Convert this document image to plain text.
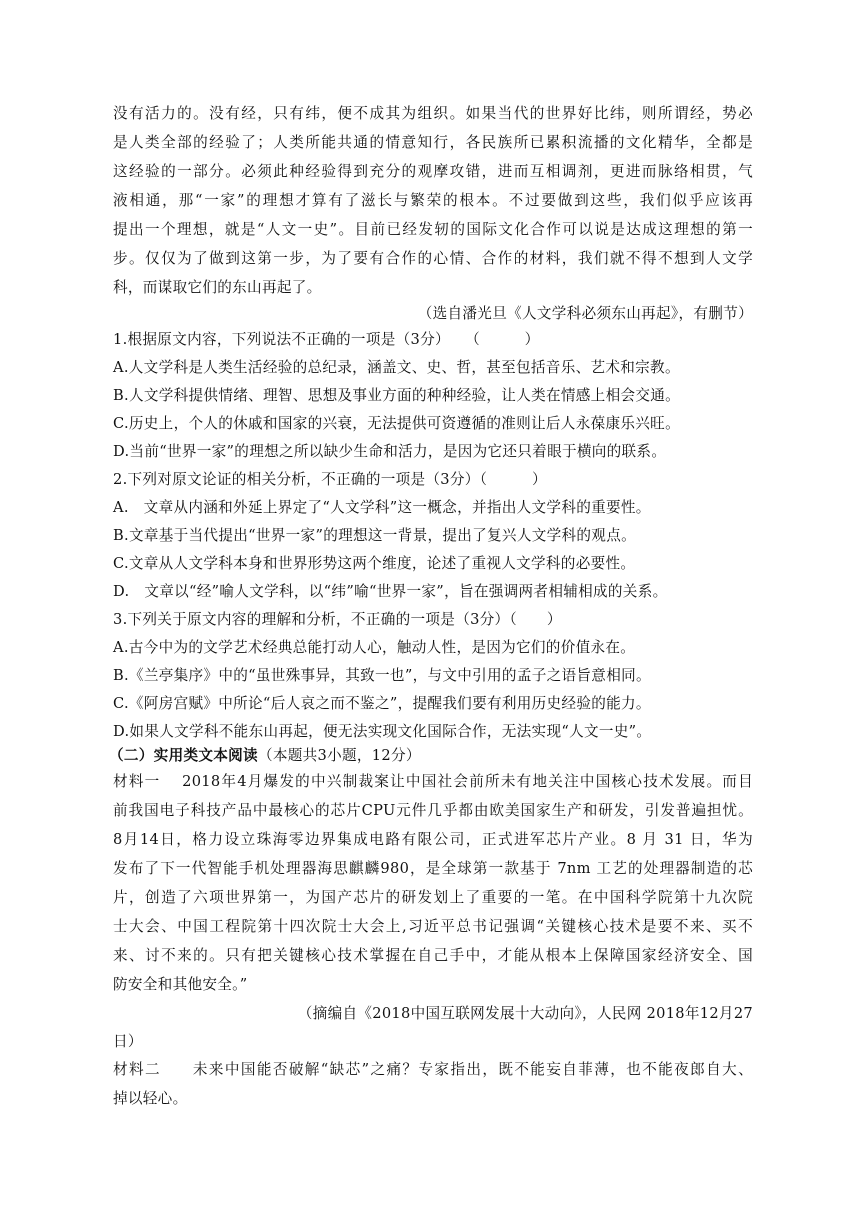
没有活力的。没有经，只有纬，便不成其为组织。如果当代的世界好比纬，则所谓经，势必
是人类全部的经验了；人类所能共通的情意知行，各民族所已累积流播的文化精华，全都是
这经验的一部分。必须此种经验得到充分的观摩攻错，进而互相调剂，更进而脉络相贯，气
液相通，那“一家”的理想才算有了滋长与繁荣的根本。不过要做到这些，我们似乎应该再
提出一个理想，就是“人文一史”。目前已经发轫的国际文化合作可以说是达成这理想的第一
步。仅仅为了做到这第一步，为了要有合作的心情、合作的材料，我们就不得不想到人文学
科，而谋取它们的东山再起了。
（选自潘光旦《人文学科必须东山再起》，有删节）
1.根据原文内容，下列说法不正确的一项是（3分）　　（　　　）
A.人文学科是人类生活经验的总纪录，涵盖文、史、哲，甚至包括音乐、艺术和宗教。
B.人文学科提供情绪、理智、思想及事业方面的种种经验，让人类在情感上相会交通。
C.历史上，个人的休戚和国家的兴衰，无法提供可资遵循的准则让后人永葆康乐兴旺。
D.当前“世界一家”的理想之所以缺少生命和活力，是因为它还只着眼于横向的联系。
2.下列对原文论证的相关分析，不正确的一项是（3分）（　　　）
A.　文章从内涵和外延上界定了“人文学科”这一概念，并指出人文学科的重要性。
B.文章基于当代提出“世界一家”的理想这一背景，提出了复兴人文学科的观点。
C.文章从人文学科本身和世界形势这两个维度，论述了重视人文学科的必要性。
D.　文章以“经”喻人文学科，以“纬”喻“世界一家”，旨在强调两者相辅相成的关系。
3.下列关于原文内容的理解和分析，不正确的一项是（3分）（　　）
A.古今中为的文学艺术经典总能打动人心，触动人性，是因为它们的价值永在。
B.《兰亭集序》中的“虽世殊事异，其致一也”，与文中引用的孟子之语旨意相同。
C.《阿房宫赋》中所论“后人哀之而不鉴之”，提醒我们要有利用历史经验的能力。
D.如果人文学科不能东山再起，便无法实现文化国际合作，无法实现“人文一史”。
（二）实用类文本阅读（本题共3小题，12分）
材料一　 2018年4月爆发的中兴制裁案让中国社会前所未有地关注中国核心技术发展。而目
前我国电子科技产品中最核心的芯片CPU元件几乎都由欧美国家生产和研发，引发普遍担忧。
8月14日，格力设立珠海零边界集成电路有限公司，正式进军芯片产业。8 月 31 日，华为
发布了下一代智能手机处理器海思麒麟980，是全球第一款基于 7nm 工艺的处理器制造的芯
片，创造了六项世界第一，为国产芯片的研发划上了重要的一笔。在中国科学院第十九次院
士大会、中国工程院第十四次院士大会上,习近平总书记强调“关键核心技术是要不来、买不
来、讨不来的。只有把关键核心技术掌握在自己手中，才能从根本上保障国家经济安全、国
防安全和其他安全。”
（摘编自《2018中国互联网发展十大动向》，人民网 2018年12月27
日）
材料二　　未来中国能否破解“缺芯”之痛？专家指出，既不能妄自菲薄，也不能夜郎自大、
掉以轻心。
